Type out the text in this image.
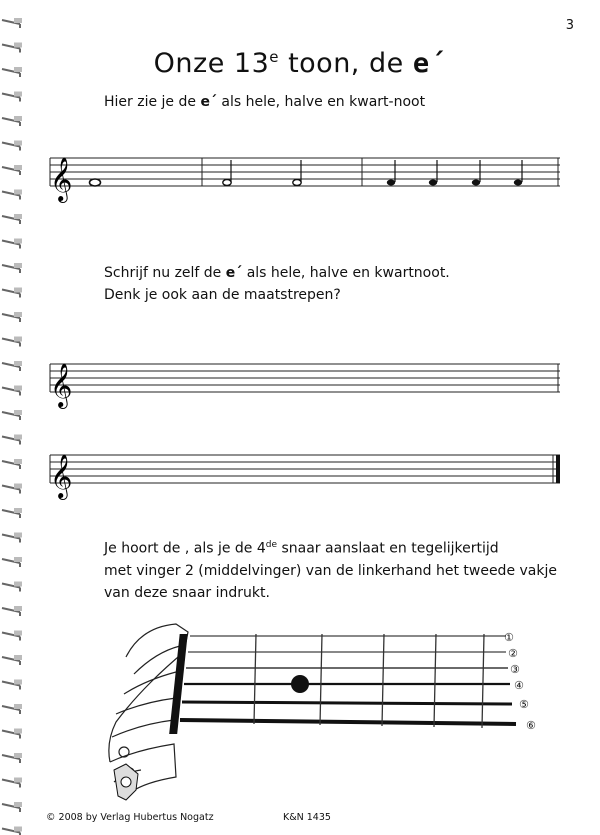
3
Onze 13e toon, de e´
Hier zie je de e´ als hele, halve en kwart-noot
𝄞
Schrijf nu zelf de e´ als hele, halve en kwartnoot.
Denk je ook aan de maatstrepen?
𝄞
𝄞
Je hoort de , als je de 4de snaar aanslaat en tegelijkertijd
met vinger 2 (middelvinger) van de linkerhand het tweede vakje
van deze snaar indrukt.
①
②
③
④
⑤
⑥
© 2008 by Verlag Hubertus Nogatz	K&N 1435
